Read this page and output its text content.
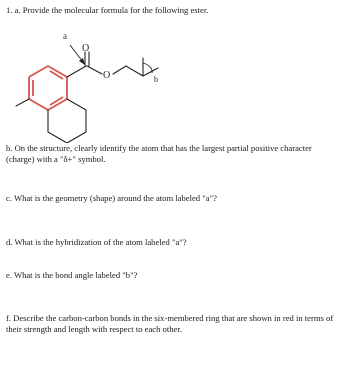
1. a. Provide the molecular formula for the following ester.

O
O
a
b

b. On the structure, clearly identify the atom that has the largest partial positive character (charge) with a "δ+" symbol.

c. What is the geometry (shape) around the atom labeled "a"?

d. What is the hybridization of the atom labeled "a"?

e. What is the bond angle labeled "b"?

f. Describe the carbon-carbon bonds in the six-membered ring that are shown in red in terms of their strength and length with respect to each other.
